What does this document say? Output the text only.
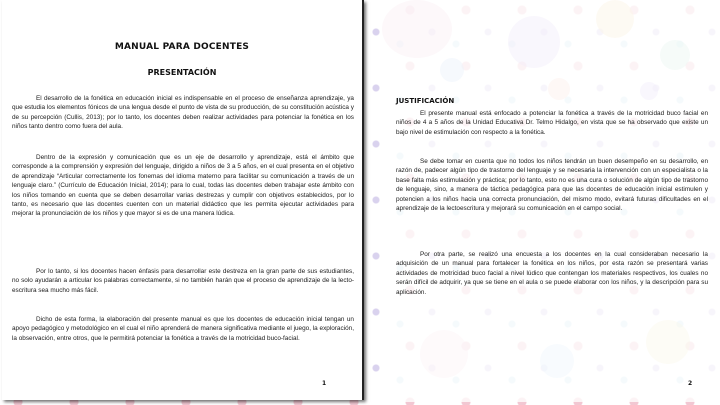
MANUAL PARA DOCENTES
PRESENTACIÓN

El desarrollo de la fonética en educación inicial es indispensable en el proceso de enseñanza aprendizaje, ya que estudia los elementos fónicos de una lengua desde el punto de vista de su producción, de su constitución acústica y de su percepción (Cullis, 2013); por lo tanto, los docentes deben realizar actividades para potenciar la fonética en los niños tanto dentro como fuera del aula.

Dentro de la expresión y comunicación que es un eje de desarrollo y aprendizaje, está el ámbito que corresponde a la comprensión y expresión del lenguaje, dirigido a niños de 3 a 5 años, en el cual presenta en el objetivo de aprendizaje “Articular correctamente los fonemas del idioma materno para facilitar su comunicación a través de un lenguaje claro.” (Currículo de Educación Inicial, 2014); para lo cual, todas las docentes deben trabajar este ámbito con los niños tomando en cuenta que se deben desarrollar varias destrezas y cumplir con objetivos establecidos, por lo tanto, es necesario que las docentes cuenten con un material didáctico que les permita ejecutar actividades para mejorar la pronunciación de los niños y que mayor si es de una manera lúdica.

Por lo tanto, si los docentes hacen énfasis para desarrollar este destreza en la gran parte de sus estudiantes, no solo ayudarán a articular los palabras correctamente, si no también harán que el proceso de aprendizaje de la lecto-escritura sea mucho más fácil.

Dicho de esta forma, la elaboración del presente manual es que los docentes de educación inicial tengan un apoyo pedagógico y metodológico en el cual el niño aprenderá de manera significativa mediante el juego, la exploración, la observación, entre otros, que le permitirá potenciar la fonética a través de la motricidad buco-facial.

1
JUSTIFICACIÓN

El presente manual está enfocado a potenciar la fonética a través de la motricidad buco facial en niños de 4 a 5 años de la Unidad Educativa Dr. Telmo Hidalgo, en vista que se ha observado que existe un bajo nivel de estimulación con respecto a la fonética.

Se debe tomar en cuenta que no todos los niños tendrán un buen desempeño en su desarrollo, en razón de, padecer algún tipo de trastorno del lenguaje y se necesaria la intervención con un especialista o la base falta más estimulación y práctica; por lo tanto, esto no es una cura o solución de algún tipo de trastorno de lenguaje, sino, a manera de táctica pedagógica para que las docentes de educación inicial estimulen y potencien a los niños hacia una correcta pronunciación, del mismo modo, evitará futuras dificultades en el aprendizaje de la lectoescritura y mejorará su comunicación en el campo social.

Por otra parte, se realizó una encuesta a los docentes en la cual consideraban necesario la adquisición de un manual para fortalecer la fonética en los niños, por esta razón se presentará varias actividades de motricidad buco facial a nivel lúdico que contengan los materiales respectivos, los cuales no serán difícil de adquirir, ya que se tiene en el aula o se puede elaborar con los niños, y la descripción para su aplicación.

2
